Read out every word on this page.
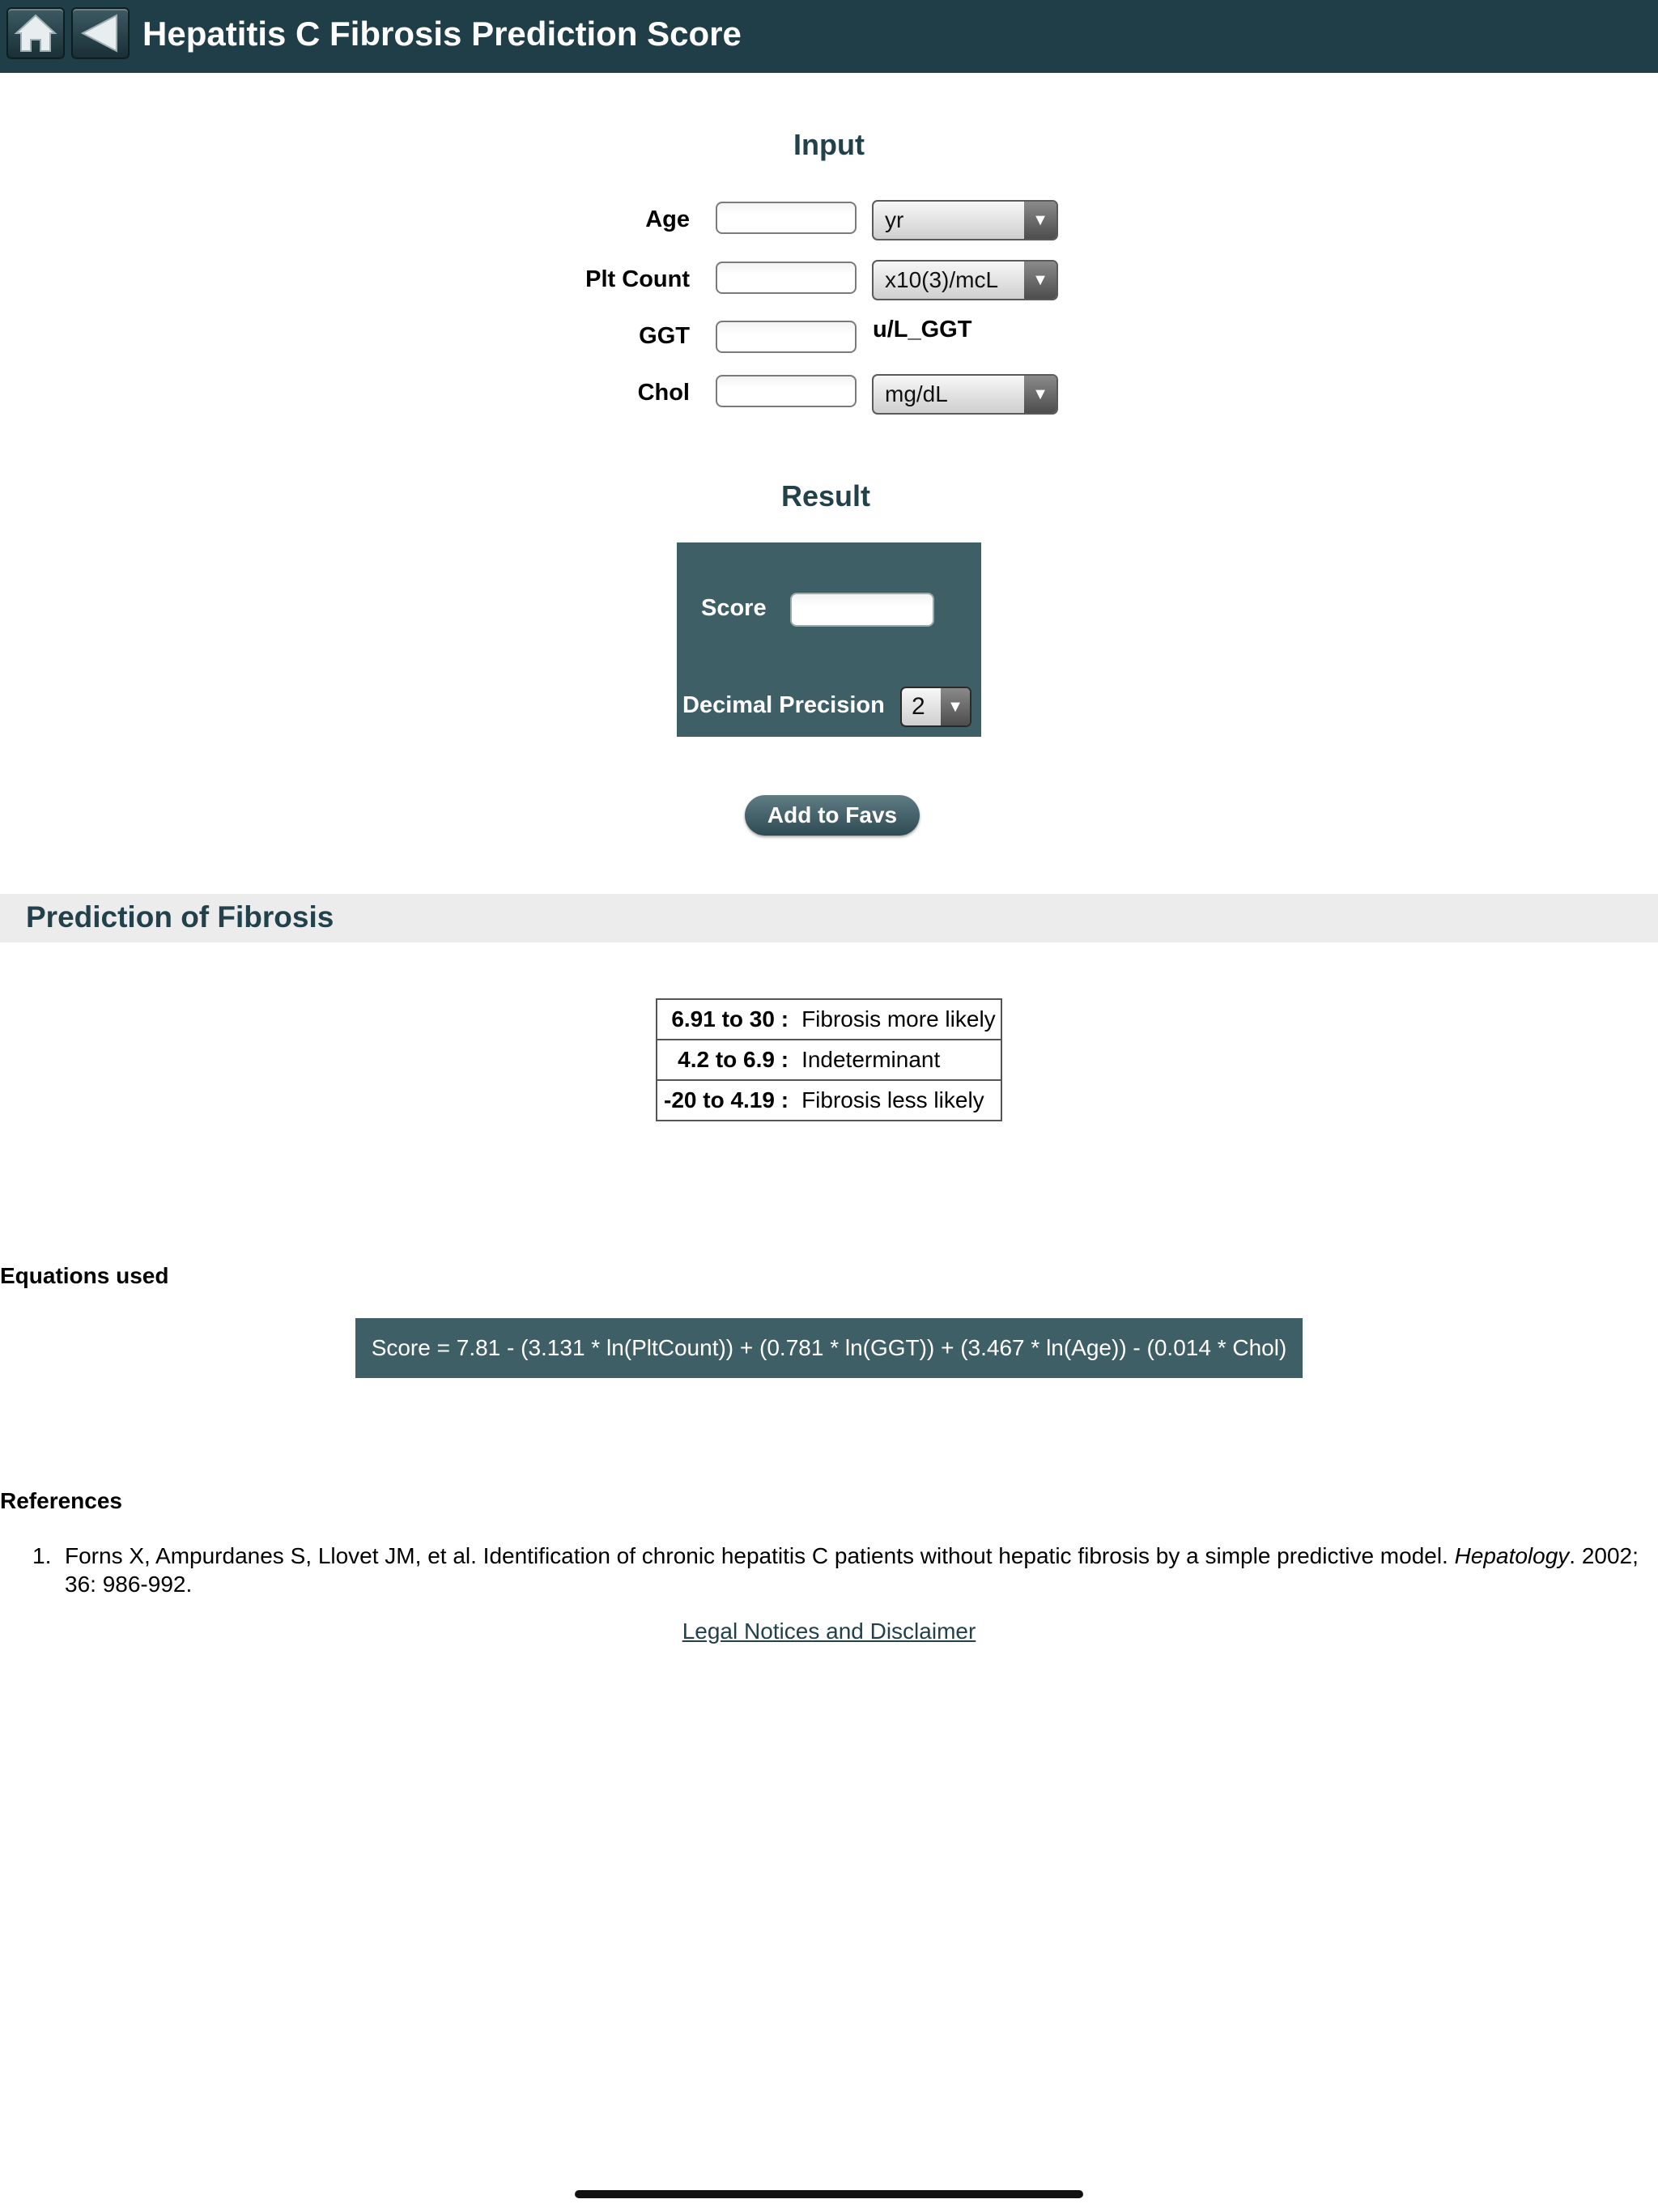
Hepatitis C Fibrosis Prediction Score
Input
Age	yr	▼
Plt Count	x10(3)/mcL	▼
GGT	u/L_GGT
Chol	mg/dL	▼
Result
Score
Decimal Precision 2	▼
Add to Favs
Prediction of Fibrosis
6.91 to 30 :	Fibrosis more likely
4.2 to 6.9 :	Indeterminant
-20 to 4.19 :	Fibrosis less likely
Equations used
Score = 7.81 - (3.131 * ln(PltCount)) + (0.781 * ln(GGT)) + (3.467 * ln(Age)) - (0.014 * Chol)
References
1. Forns X, Ampurdanes S, Llovet JM, et al. Identification of chronic hepatitis C patients without hepatic fibrosis by a simple predictive model. Hepatology. 2002; 36: 986-992.
Legal Notices and Disclaimer
